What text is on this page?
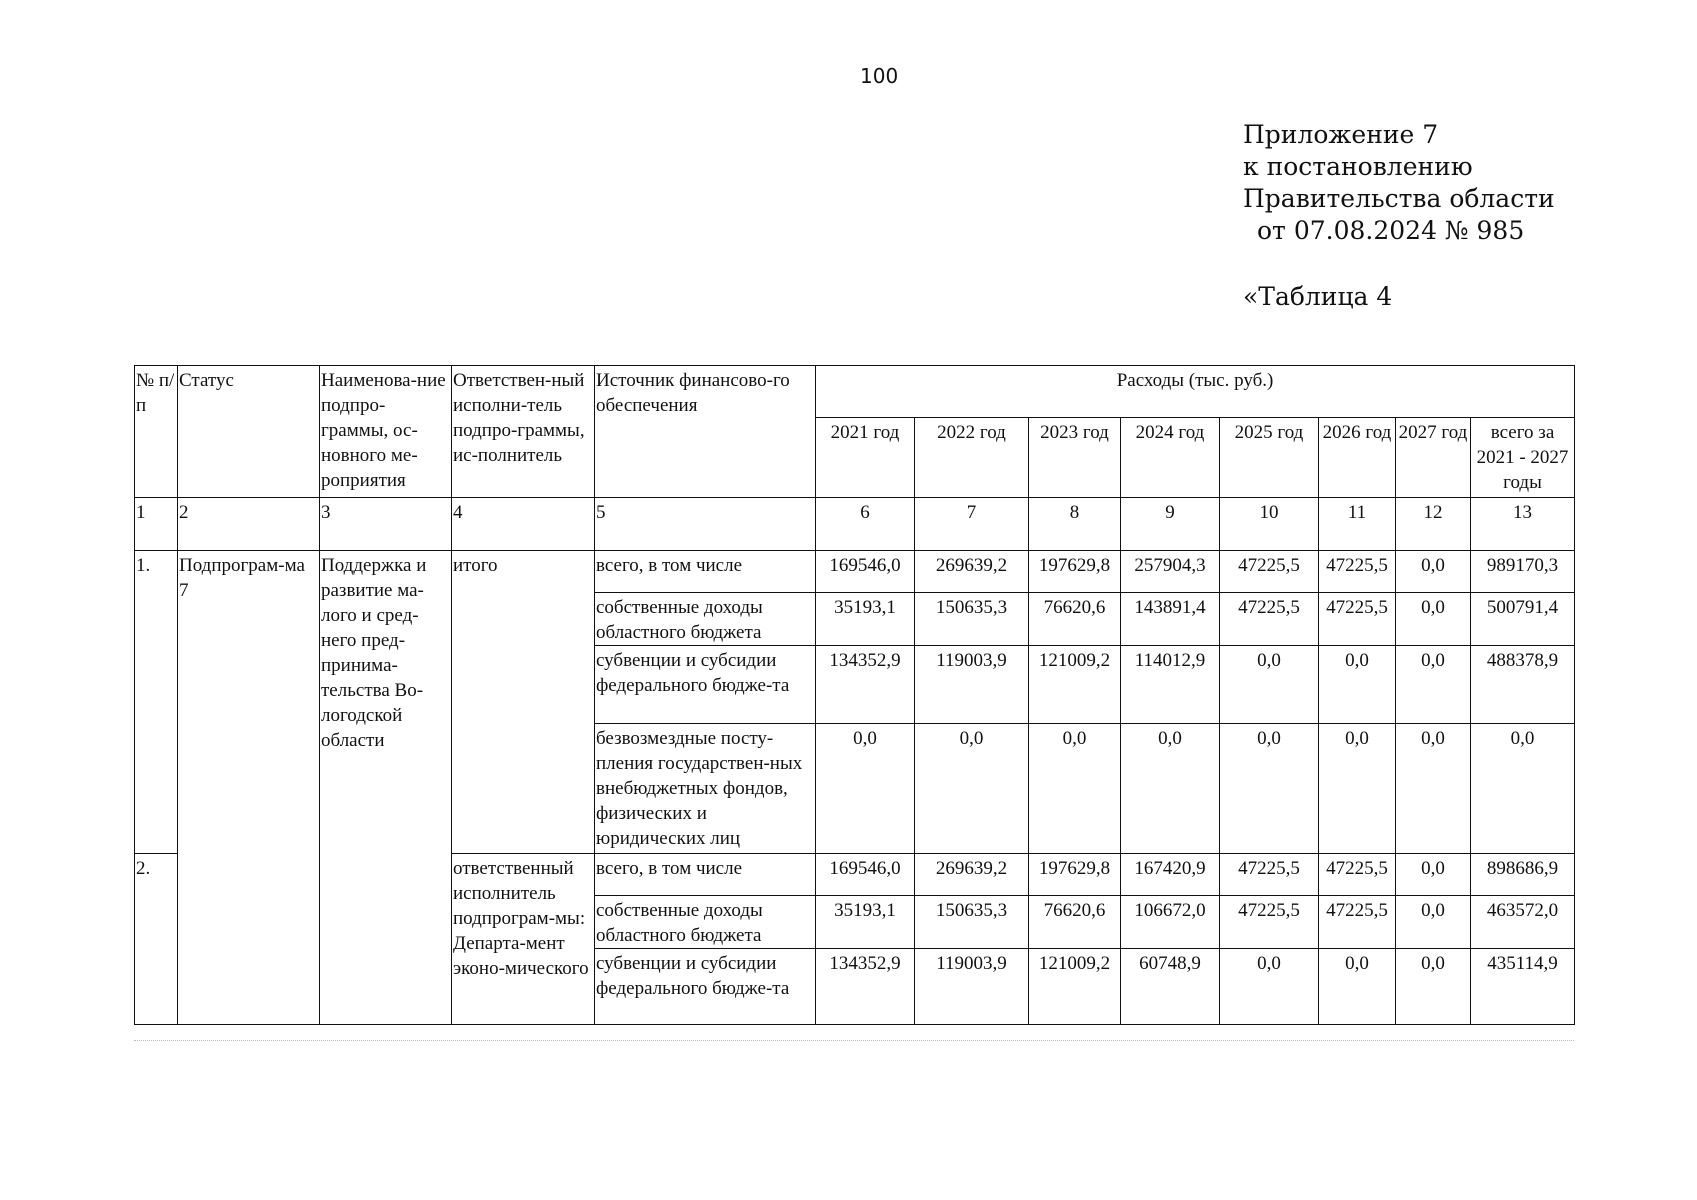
100
Приложение 7
к постановлению
Правительства области
от 07.08.2024 № 985
«Таблица 4
№ п/п	Статус	Наименова-ние подпро-граммы, ос-новного ме-роприятия	Ответствен-ный исполни-тель подпро-граммы, ис-полнитель	Источник финансово-го обеспечения	Расходы (тыс. руб.)							
					2021 год	2022 год	2023 год	2024 год	2025 год	2026 год	2027 год	всего за 2021 - 2027 годы
1	2	3	4	5	6	7	8	9	10	11	12	13
1.	Подпрограм-ма 7	Поддержка и развитие ма-лого и сред-него пред-принима-тельства Во-логодской области	итого	всего, в том числе	169546,0	269639,2	197629,8	257904,3	47225,5	47225,5	0,0	989170,3
				собственные доходы областного бюджета	35193,1	150635,3	76620,6	143891,4	47225,5	47225,5	0,0	500791,4
				субвенции и субсидии федерального бюдже-та	134352,9	119003,9	121009,2	114012,9	0,0	0,0	0,0	488378,9
				безвозмездные посту-пления государствен-ных внебюджетных фондов, физических и юридических лиц	0,0	0,0	0,0	0,0	0,0	0,0	0,0	0,0
2.			ответственный исполнитель подпрограм-мы: Департа-мент эконо-мического	всего, в том числе	169546,0	269639,2	197629,8	167420,9	47225,5	47225,5	0,0	898686,9
				собственные доходы областного бюджета	35193,1	150635,3	76620,6	106672,0	47225,5	47225,5	0,0	463572,0
				субвенции и субсидии федерального бюдже-та	134352,9	119003,9	121009,2	60748,9	0,0	0,0	0,0	435114,9
